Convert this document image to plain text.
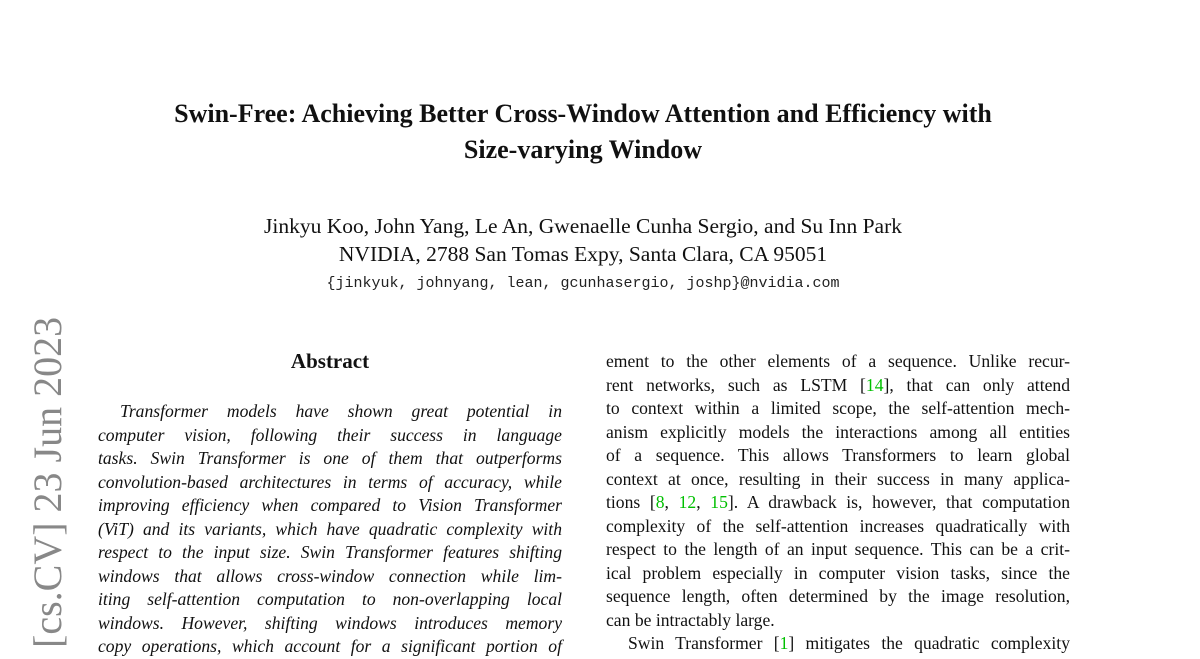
Swin-Free: Achieving Better Cross-Window Attention and Efficiency with
Size-varying Window
Jinkyu Koo, John Yang, Le An, Gwenaelle Cunha Sergio, and Su Inn Park
NVIDIA, 2788 San Tomas Expy, Santa Clara, CA 95051
{jinkyuk, johnyang, lean, gcunhasergio, joshp}@nvidia.com
[cs.CV] 23 Jun 2023	Abstract
Transformer models have shown great potential in
computer vision, following their success in language
tasks. Swin Transformer is one of them that outperforms
convolution-based architectures in terms of accuracy, while
improving efficiency when compared to Vision Transformer
(ViT) and its variants, which have quadratic complexity with
respect to the input size. Swin Transformer features shifting
windows that allows cross-window connection while lim-
iting self-attention computation to non-overlapping local
windows. However, shifting windows introduces memory
copy operations, which account for a significant portion of
ement to the other elements of a sequence. Unlike recur-
rent networks, such as LSTM [14], that can only attend
to context within a limited scope, the self-attention mech-
anism explicitly models the interactions among all entities
of a sequence. This allows Transformers to learn global
context at once, resulting in their success in many applica-
tions [8, 12, 15]. A drawback is, however, that computation
complexity of the self-attention increases quadratically with
respect to the length of an input sequence. This can be a crit-
ical problem especially in computer vision tasks, since the
sequence length, often determined by the image resolution,
can be intractably large.
Swin Transformer [1] mitigates the quadratic complexity
